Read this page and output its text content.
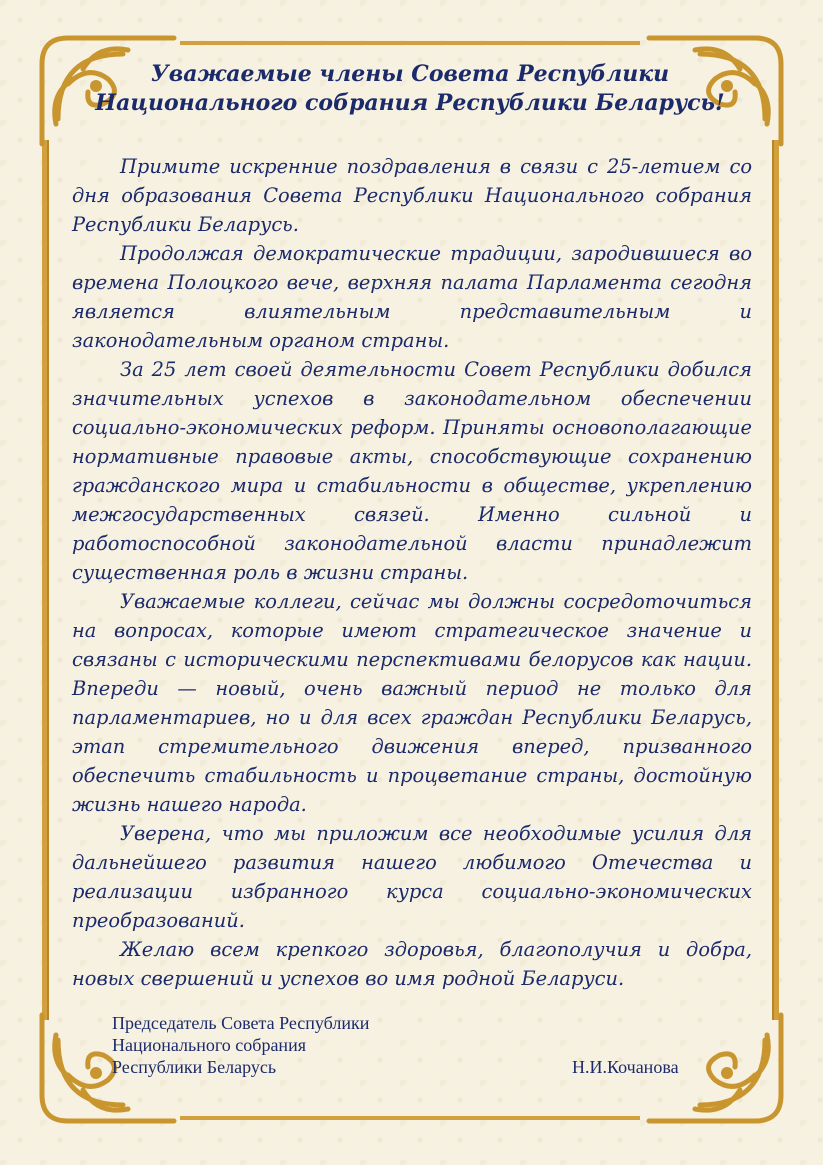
Уважаемые члены Совета Республики
Национального собрания Республики Беларусь!

Примите искренние поздравления в связи с 25-летием со дня образования Совета Республики Национального собрания Республики Беларусь.

Продолжая демократические традиции, зародившиеся во времена Полоцкого вече, верхняя палата Парламента сегодня является влиятельным представительным и законодательным органом страны.

За 25 лет своей деятельности Совет Республики добился значительных успехов в законодательном обеспечении социально-экономических реформ. Приняты основополагающие нормативные правовые акты, способствующие сохранению гражданского мира и стабильности в обществе, укреплению межгосударственных связей. Именно сильной и работоспособной законодательной власти принадлежит существенная роль в жизни страны.

Уважаемые коллеги, сейчас мы должны сосредоточиться на вопросах, которые имеют стратегическое значение и связаны с историческими перспективами белорусов как нации. Впереди — новый, очень важный период не только для парламентариев, но и для всех граждан Республики Беларусь, этап стремительного движения вперед, призванного обеспечить стабильность и процветание страны, достойную жизнь нашего народа.

Уверена, что мы приложим все необходимые усилия для дальнейшего развития нашего любимого Отечества и реализации избранного курса социально-экономических преобразований.

Желаю всем крепкого здоровья, благополучия и добра, новых свершений и успехов во имя родной Беларуси.

Председатель Совета Республики
Национального собрания
Республики Беларусь	Н.И.Кочанова
